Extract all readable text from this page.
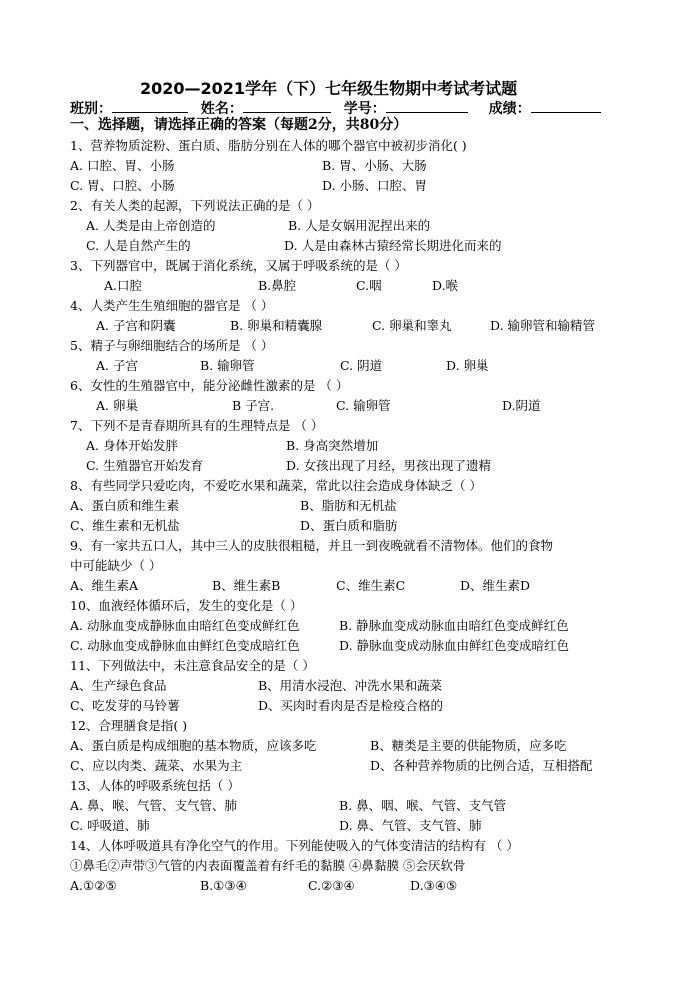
2020—2021学年（下）七年级生物期中考试考试题
班别：	姓名：	学号：	成绩：
一、选择题，请选择正确的答案（每题2分，共80分）
1、营养物质淀粉、蛋白质、脂肪分别在人体的哪个器官中被初步消化( )
A. 口腔、胃、小肠	B. 胃、小肠、大肠
C. 胃、口腔、小肠	D. 小肠、口腔、胃
2、有关人类的起源，下列说法正确的是（ ）
A. 人类是由上帝创造的	B. 人是女娲用泥捏出来的
C. 人是自然产生的	D. 人是由森林古猿经常长期进化而来的
3、下列器官中，既属于消化系统，又属于呼吸系统的是（ ）
A.口腔	B.鼻腔	C.咽	D.喉
4、人类产生生殖细胞的器官是 （ ）
A. 子宫和阴囊	B. 卵巢和精囊腺	C. 卵巢和睾丸	D. 输卵管和输精管
5、精子与卵细胞结合的场所是 （ ）
A. 子宫	B. 输卵管	C. 阴道	D. 卵巢
6、女性的生殖器官中，能分泌雌性激素的是 （ ）
A. 卵巢	B 子宫.	C. 输卵管	D.阴道
7、下列不是青春期所具有的生理特点是 （ ）
A. 身体开始发胖	B. 身高突然增加
C. 生殖器官开始发育	D. 女孩出现了月经，男孩出现了遗精
8、有些同学只爱吃肉，不爱吃水果和蔬菜，常此以往会造成身体缺乏（ ）
A、蛋白质和维生素	B、脂肪和无机盐
C、维生素和无机盐	D、蛋白质和脂肪
9、有一家共五口人，其中三人的皮肤很粗糙，并且一到夜晚就看不清物体。他们的食物
中可能缺少（ ）
A、维生素A	B、维生素B	C、维生素C	D、维生素D
10、血液经体循环后，发生的变化是（ ）
A. 动脉血变成静脉血由暗红色变成鲜红色	B. 静脉血变成动脉血由暗红色变成鲜红色
C. 动脉血变成静脉血由鲜红色变成暗红色	D. 静脉血变成动脉血由鲜红色变成暗红色
11、下列做法中，未注意食品安全的是（ ）
A、生产绿色食品	B、用清水浸泡、冲洗水果和蔬菜
C、吃发芽的马铃薯	D、买肉时看肉是否是检疫合格的
12、合理膳食是指( )
A、蛋白质是构成细胞的基本物质，应该多吃	B、糖类是主要的供能物质，应多吃
C、应以肉类、蔬菜、水果为主	D、各种营养物质的比例合适，互相搭配
13、人体的呼吸系统包括（ ）
A. 鼻、喉、气管、支气管、肺	B. 鼻、咽、喉、气管、支气管
C. 呼吸道、肺	D. 鼻、气管、支气管、肺
14、人体呼吸道具有净化空气的作用。下列能使吸入的气体变清洁的结构有 （ ）
①鼻毛②声带③气管的内表面覆盖着有纤毛的黏膜 ④鼻黏膜 ⑤会厌软骨
A.①②⑤	B.①③④	C.②③④	D.③④⑤
